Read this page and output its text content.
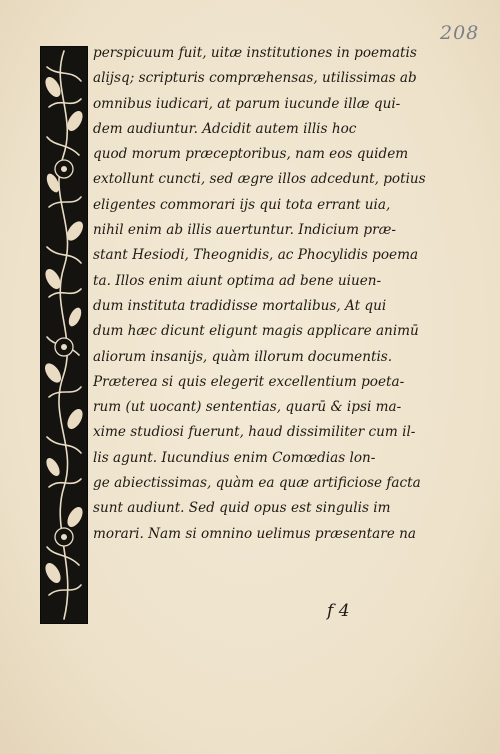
208
perspicuum fuit, uitæ institutiones in poematis
alijsq; scripturis compræhensas, utilissimas ab
omnibus iudicari, at parum iucunde illæ qui-
dem audiuntur. Adcidit autem illis hoc
quod morum præceptoribus, nam eos quidem
extollunt cuncti, sed ægre illos adcedunt, potius
eligentes commorari ijs qui tota errant uia,
nihil enim ab illis auertuntur. Indicium præ-
stant Hesiodi, Theognidis, ac Phocylidis poema
ta. Illos enim aiunt optima ad bene uiuen-
dum instituta tradidisse mortalibus, At qui
dum hæc dicunt eligunt magis applicare animū
aliorum insanijs, quàm illorum documentis.
Præterea si quis elegerit excellentium poeta-
rum (ut uocant) sententias, quarū & ipsi ma-
xime studiosi fuerunt, haud dissimiliter cum il-
lis agunt. Iucundius enim Comœdias lon-
ge abiectissimas, quàm ea quæ artificiose facta
sunt audiunt. Sed quid opus est singulis im
morari. Nam si omnino uelimus præsentare na
f 4
